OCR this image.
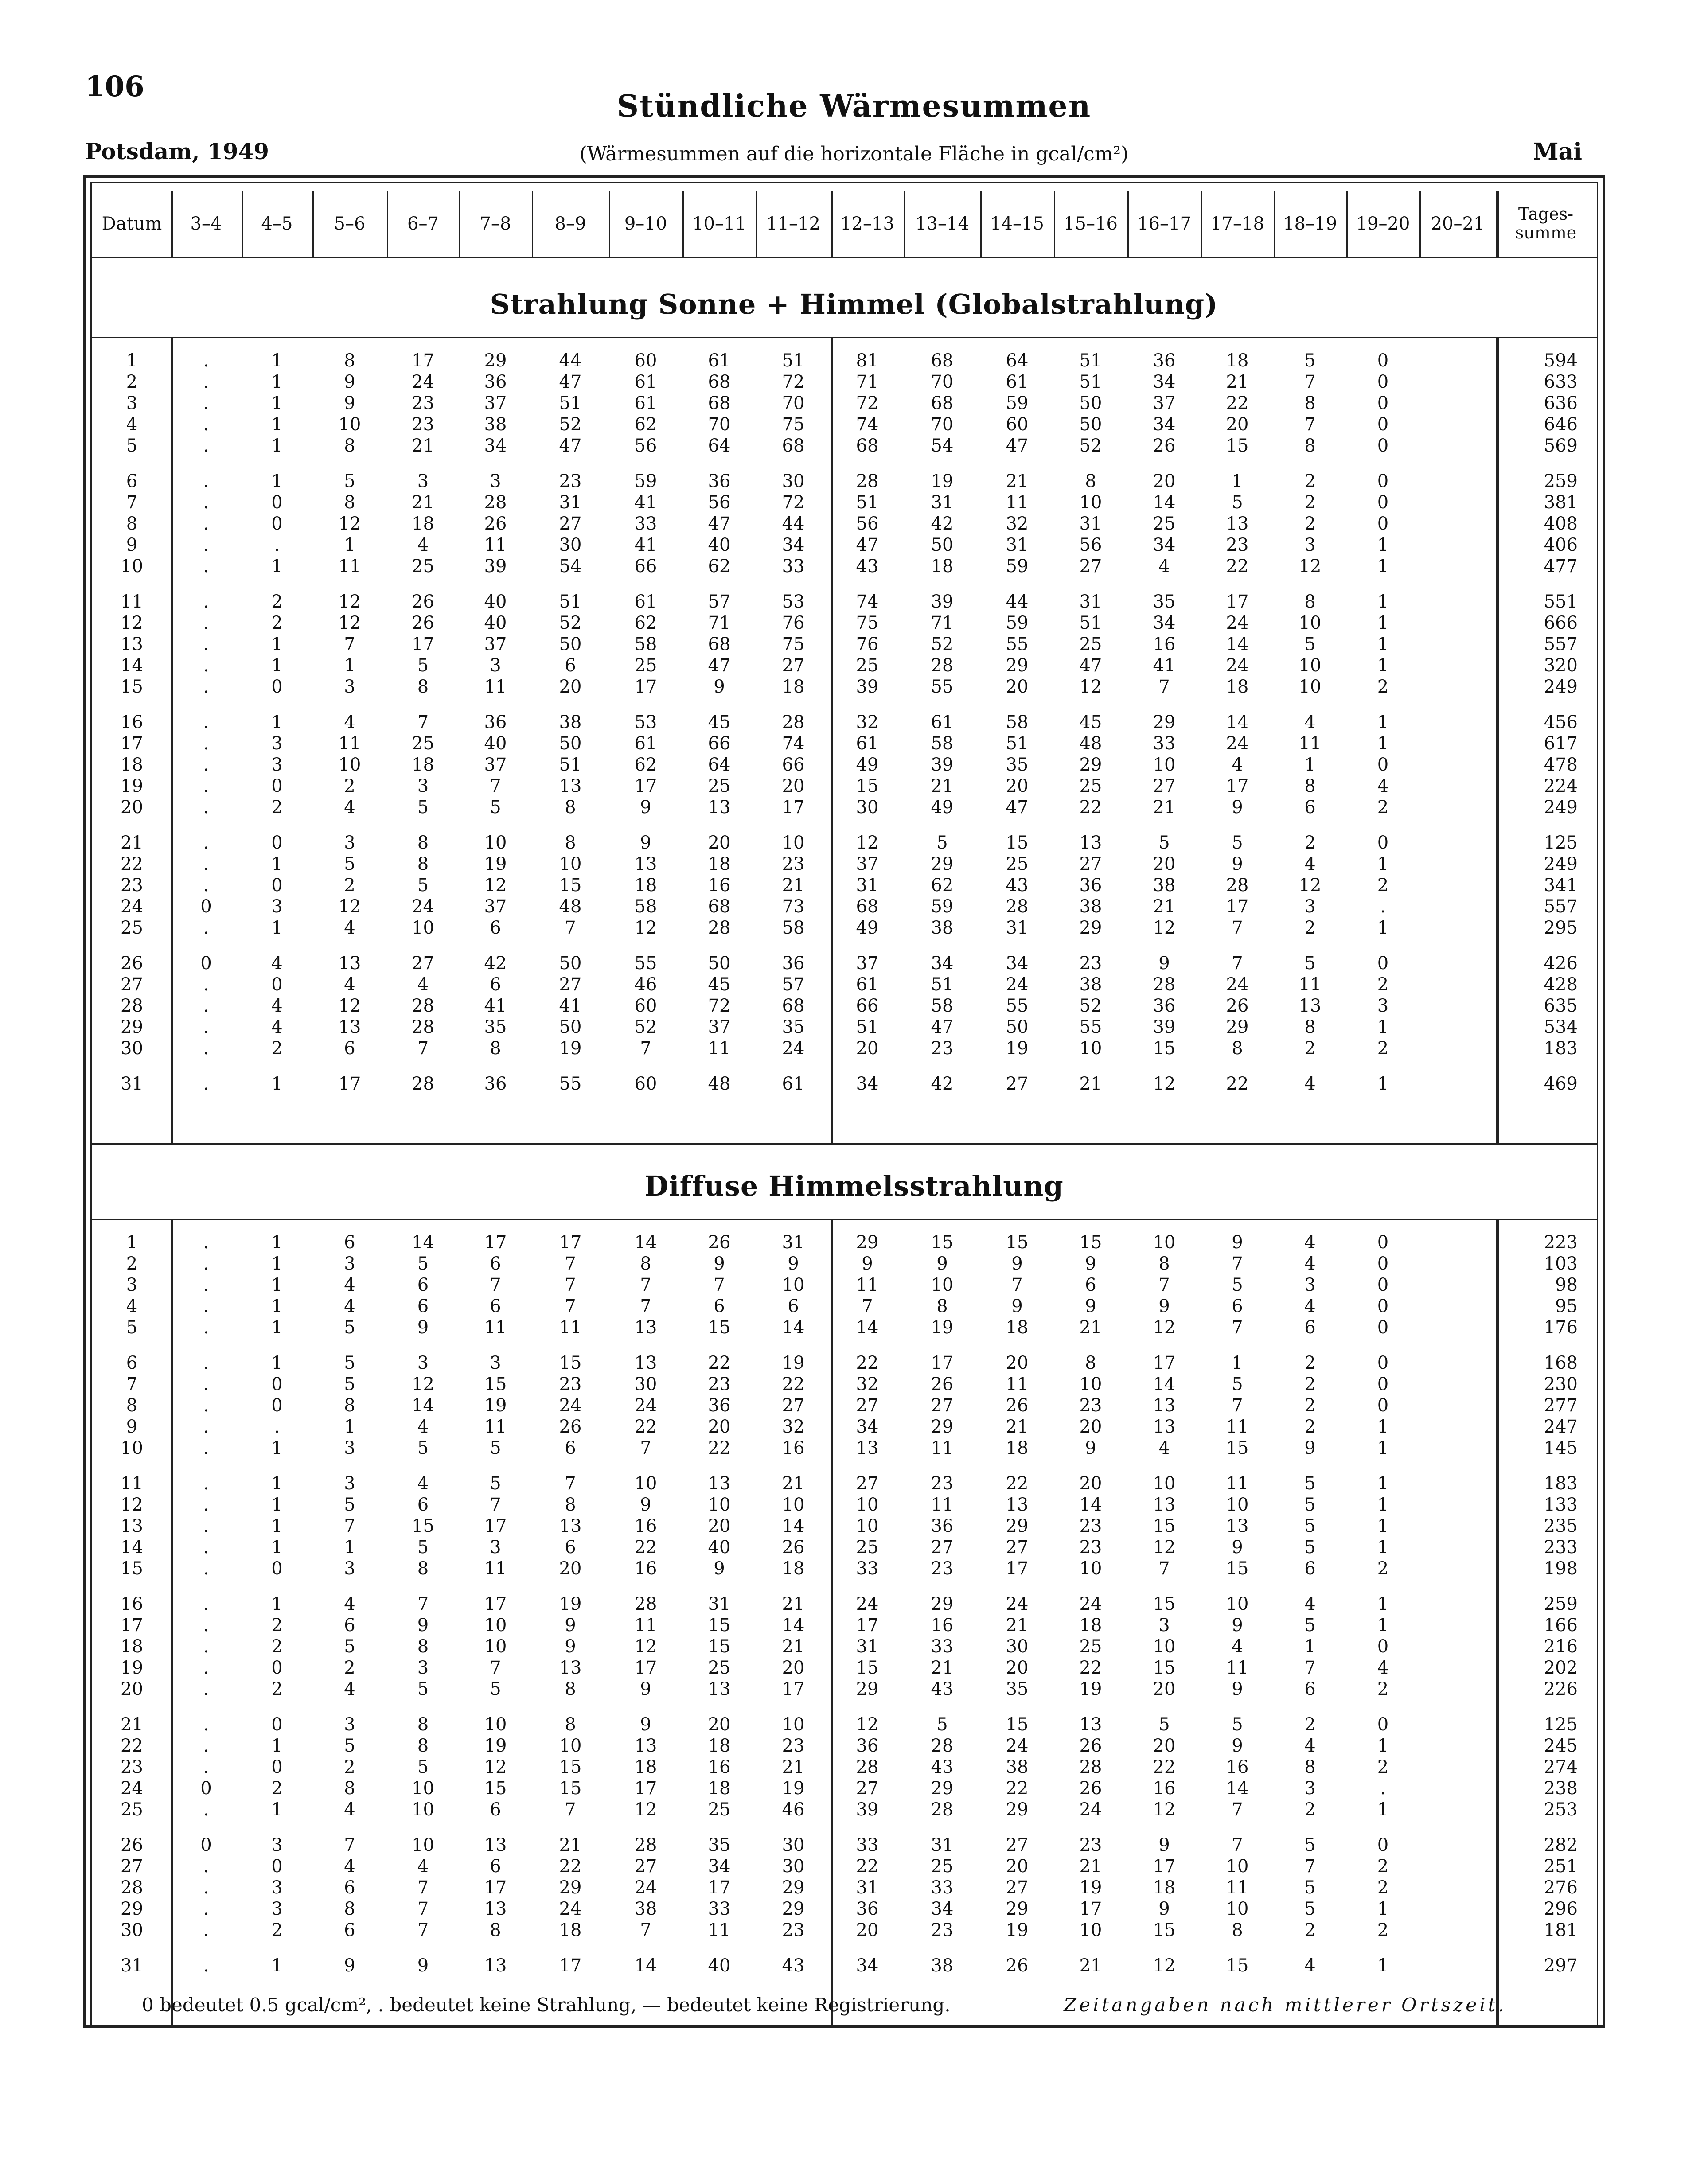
106
Stündliche Wärmesummen
Potsdam, 1949	(Wärmesummen auf die horizontale Fläche in gcal/cm²)	Mai
Datum	3–4	4–5	5–6	6–7	7–8	8–9	9–10	10–11	11–12	12–13	13–14	14–15	15–16	16–17	17–18	18–19	19–20	20–21	Tages-summe
Strahlung Sonne + Himmel (Globalstrahlung)
1	.	1	8	17	29	44	60	61	51	81	68	64	51	36	18	5	0	594
2	.	1	9	24	36	47	61	68	72	71	70	61	51	34	21	7	0	633
3	.	1	9	23	37	51	61	68	70	72	68	59	50	37	22	8	0	636
4	.	1	10	23	38	52	62	70	75	74	70	60	50	34	20	7	0	646
5	.	1	8	21	34	47	56	64	68	68	54	47	52	26	15	8	0	569
6	.	1	5	3	3	23	59	36	30	28	19	21	8	20	1	2	0	259
7	.	0	8	21	28	31	41	56	72	51	31	11	10	14	5	2	0	381
8	.	0	12	18	26	27	33	47	44	56	42	32	31	25	13	2	0	408
9	.	.	1	4	11	30	41	40	34	47	50	31	56	34	23	3	1	406
10	.	1	11	25	39	54	66	62	33	43	18	59	27	4	22	12	1	477
11	.	2	12	26	40	51	61	57	53	74	39	44	31	35	17	8	1	551
12	.	2	12	26	40	52	62	71	76	75	71	59	51	34	24	10	1	666
13	.	1	7	17	37	50	58	68	75	76	52	55	25	16	14	5	1	557
14	.	1	1	5	3	6	25	47	27	25	28	29	47	41	24	10	1	320
15	.	0	3	8	11	20	17	9	18	39	55	20	12	7	18	10	2	249
16	.	1	4	7	36	38	53	45	28	32	61	58	45	29	14	4	1	456
17	.	3	11	25	40	50	61	66	74	61	58	51	48	33	24	11	1	617
18	.	3	10	18	37	51	62	64	66	49	39	35	29	10	4	1	0	478
19	.	0	2	3	7	13	17	25	20	15	21	20	25	27	17	8	4	224
20	.	2	4	5	5	8	9	13	17	30	49	47	22	21	9	6	2	249
21	.	0	3	8	10	8	9	20	10	12	5	15	13	5	5	2	0	125
22	.	1	5	8	19	10	13	18	23	37	29	25	27	20	9	4	1	249
23	.	0	2	5	12	15	18	16	21	31	62	43	36	38	28	12	2	341
24	0	3	12	24	37	48	58	68	73	68	59	28	38	21	17	3	.	557
25	.	1	4	10	6	7	12	28	58	49	38	31	29	12	7	2	1	295
26	0	4	13	27	42	50	55	50	36	37	34	34	23	9	7	5	0	426
27	.	0	4	4	6	27	46	45	57	61	51	24	38	28	24	11	2	428
28	.	4	12	28	41	41	60	72	68	66	58	55	52	36	26	13	3	635
29	.	4	13	28	35	50	52	37	35	51	47	50	55	39	29	8	1	534
30	.	2	6	7	8	19	7	11	24	20	23	19	10	15	8	2	2	183
31	.	1	17	28	36	55	60	48	61	34	42	27	21	12	22	4	1	469
Diffuse Himmelsstrahlung
1	.	1	6	14	17	17	14	26	31	29	15	15	15	10	9	4	0	223
2	.	1	3	5	6	7	8	9	9	9	9	9	9	8	7	4	0	103
3	.	1	4	6	7	7	7	7	10	11	10	7	6	7	5	3	0	98
4	.	1	4	6	6	7	7	6	6	7	8	9	9	9	6	4	0	95
5	.	1	5	9	11	11	13	15	14	14	19	18	21	12	7	6	0	176
6	.	1	5	3	3	15	13	22	19	22	17	20	8	17	1	2	0	168
7	.	0	5	12	15	23	30	23	22	32	26	11	10	14	5	2	0	230
8	.	0	8	14	19	24	24	36	27	27	27	26	23	13	7	2	0	277
9	.	.	1	4	11	26	22	20	32	34	29	21	20	13	11	2	1	247
10	.	1	3	5	5	6	7	22	16	13	11	18	9	4	15	9	1	145
11	.	1	3	4	5	7	10	13	21	27	23	22	20	10	11	5	1	183
12	.	1	5	6	7	8	9	10	10	10	11	13	14	13	10	5	1	133
13	.	1	7	15	17	13	16	20	14	10	36	29	23	15	13	5	1	235
14	.	1	1	5	3	6	22	40	26	25	27	27	23	12	9	5	1	233
15	.	0	3	8	11	20	16	9	18	33	23	17	10	7	15	6	2	198
16	.	1	4	7	17	19	28	31	21	24	29	24	24	15	10	4	1	259
17	.	2	6	9	10	9	11	15	14	17	16	21	18	3	9	5	1	166
18	.	2	5	8	10	9	12	15	21	31	33	30	25	10	4	1	0	216
19	.	0	2	3	7	13	17	25	20	15	21	20	22	15	11	7	4	202
20	.	2	4	5	5	8	9	13	17	29	43	35	19	20	9	6	2	226
21	.	0	3	8	10	8	9	20	10	12	5	15	13	5	5	2	0	125
22	.	1	5	8	19	10	13	18	23	36	28	24	26	20	9	4	1	245
23	.	0	2	5	12	15	18	16	21	28	43	38	28	22	16	8	2	274
24	0	2	8	10	15	15	17	18	19	27	29	22	26	16	14	3	.	238
25	.	1	4	10	6	7	12	25	46	39	28	29	24	12	7	2	1	253
26	0	3	7	10	13	21	28	35	30	33	31	27	23	9	7	5	0	282
27	.	0	4	4	6	22	27	34	30	22	25	20	21	17	10	7	2	251
28	.	3	6	7	17	29	24	17	29	31	33	27	19	18	11	5	2	276
29	.	3	8	7	13	24	38	33	29	36	34	29	17	9	10	5	1	296
30	.	2	6	7	8	18	7	11	23	20	23	19	10	15	8	2	2	181
31	.	1	9	9	13	17	14	40	43	34	38	26	21	12	15	4	1	297
0 bedeutet 0.5 gcal/cm², . bedeutet keine Strahlung, — bedeutet keine Registrierung.	Zeitangaben nach mittlerer Ortszeit.
